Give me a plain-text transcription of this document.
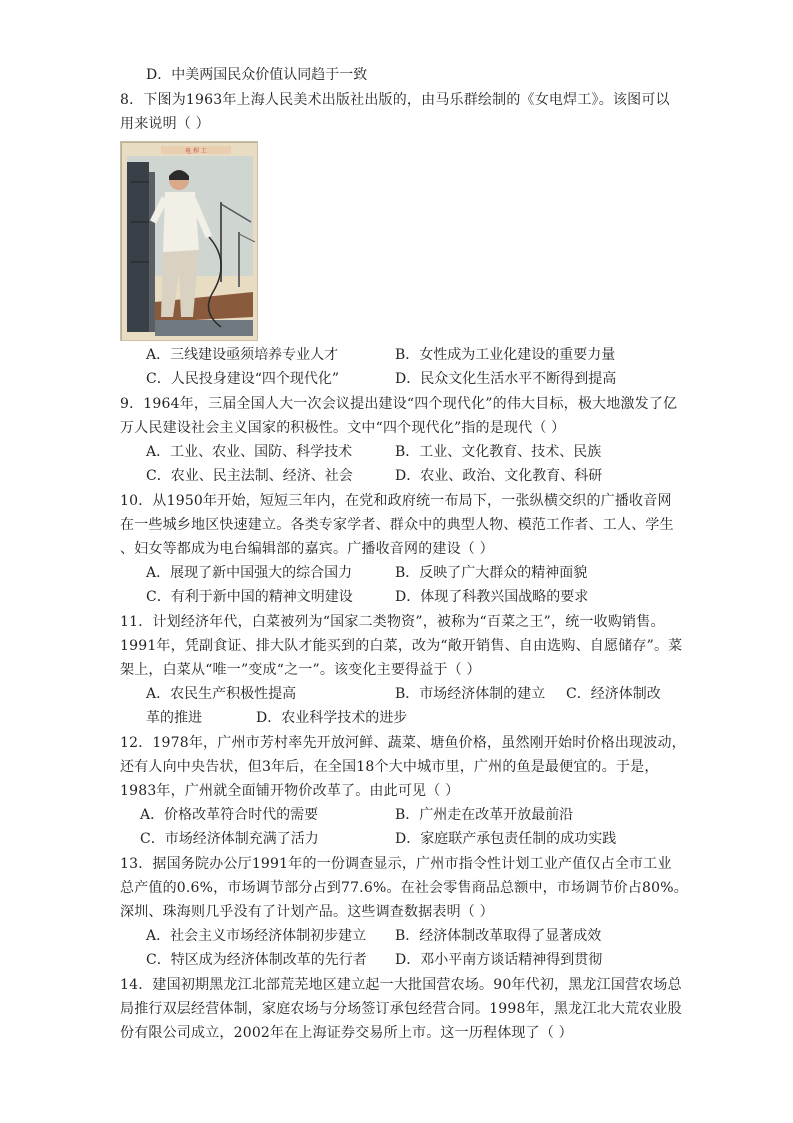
D．中美两国民众价值认同趋于一致
8．下图为1963年上海人民美术出版社出版的，由马乐群绘制的《女电焊工》。该图可以
用来说明（ ）
电 焊 工
A．三线建设亟须培养专业人才	B．女性成为工业化建设的重要力量
C．人民投身建设“四个现代化”	D．民众文化生活水平不断得到提高
9．1964年，三届全国人大一次会议提出建设“四个现代化”的伟大目标，极大地激发了亿
万人民建设社会主义国家的积极性。文中“四个现代化”指的是现代（ ）
A．工业、农业、国防、科学技术	B．工业、文化教育、技术、民族
C．农业、民主法制、经济、社会	D．农业、政治、文化教育、科研
10．从1950年开始，短短三年内，在党和政府统一布局下，一张纵横交织的广播收音网
在一些城乡地区快速建立。各类专家学者、群众中的典型人物、模范工作者、工人、学生
、妇女等都成为电台编辑部的嘉宾。广播收音网的建设（ ）
A．展现了新中国强大的综合国力	B．反映了广大群众的精神面貌
C．有利于新中国的精神文明建设	D．体现了科教兴国战略的要求
11．计划经济年代，白菜被列为“国家二类物资”，被称为“百菜之王”，统一收购销售。
1991年，凭副食证、排大队才能买到的白菜，改为“敞开销售、自由选购、自愿储存”。菜
架上，白菜从“唯一”变成“之一”。该变化主要得益于（ ）
A．农民生产积极性提高	B．市场经济体制的建立 C．经济体制改
革的推进	D．农业科学技术的进步
12．1978年，广州市芳村率先开放河鲜、蔬菜、塘鱼价格，虽然刚开始时价格出现波动，
还有人向中央告状，但3年后，在全国18个大中城市里，广州的鱼是最便宜的。于是，
1983年，广州就全面铺开物价改革了。由此可见（ ）
A．价格改革符合时代的需要	B．广州走在改革开放最前沿
C．市场经济体制充满了活力	D．家庭联产承包责任制的成功实践
13．据国务院办公厅1991年的一份调查显示，广州市指令性计划工业产值仅占全市工业
总产值的0.6%，市场调节部分占到77.6%。在社会零售商品总额中，市场调节价占80%。
深圳、珠海则几乎没有了计划产品。这些调查数据表明（ ）
A．社会主义市场经济体制初步建立 B．经济体制改革取得了显著成效
C．特区成为经济体制改革的先行者 D．邓小平南方谈话精神得到贯彻
14．建国初期黑龙江北部荒芜地区建立起一大批国营农场。90年代初，黑龙江国营农场总
局推行双层经营体制，家庭农场与分场签订承包经营合同。1998年，黑龙江北大荒农业股
份有限公司成立，2002年在上海证券交易所上市。这一历程体现了（ ）
